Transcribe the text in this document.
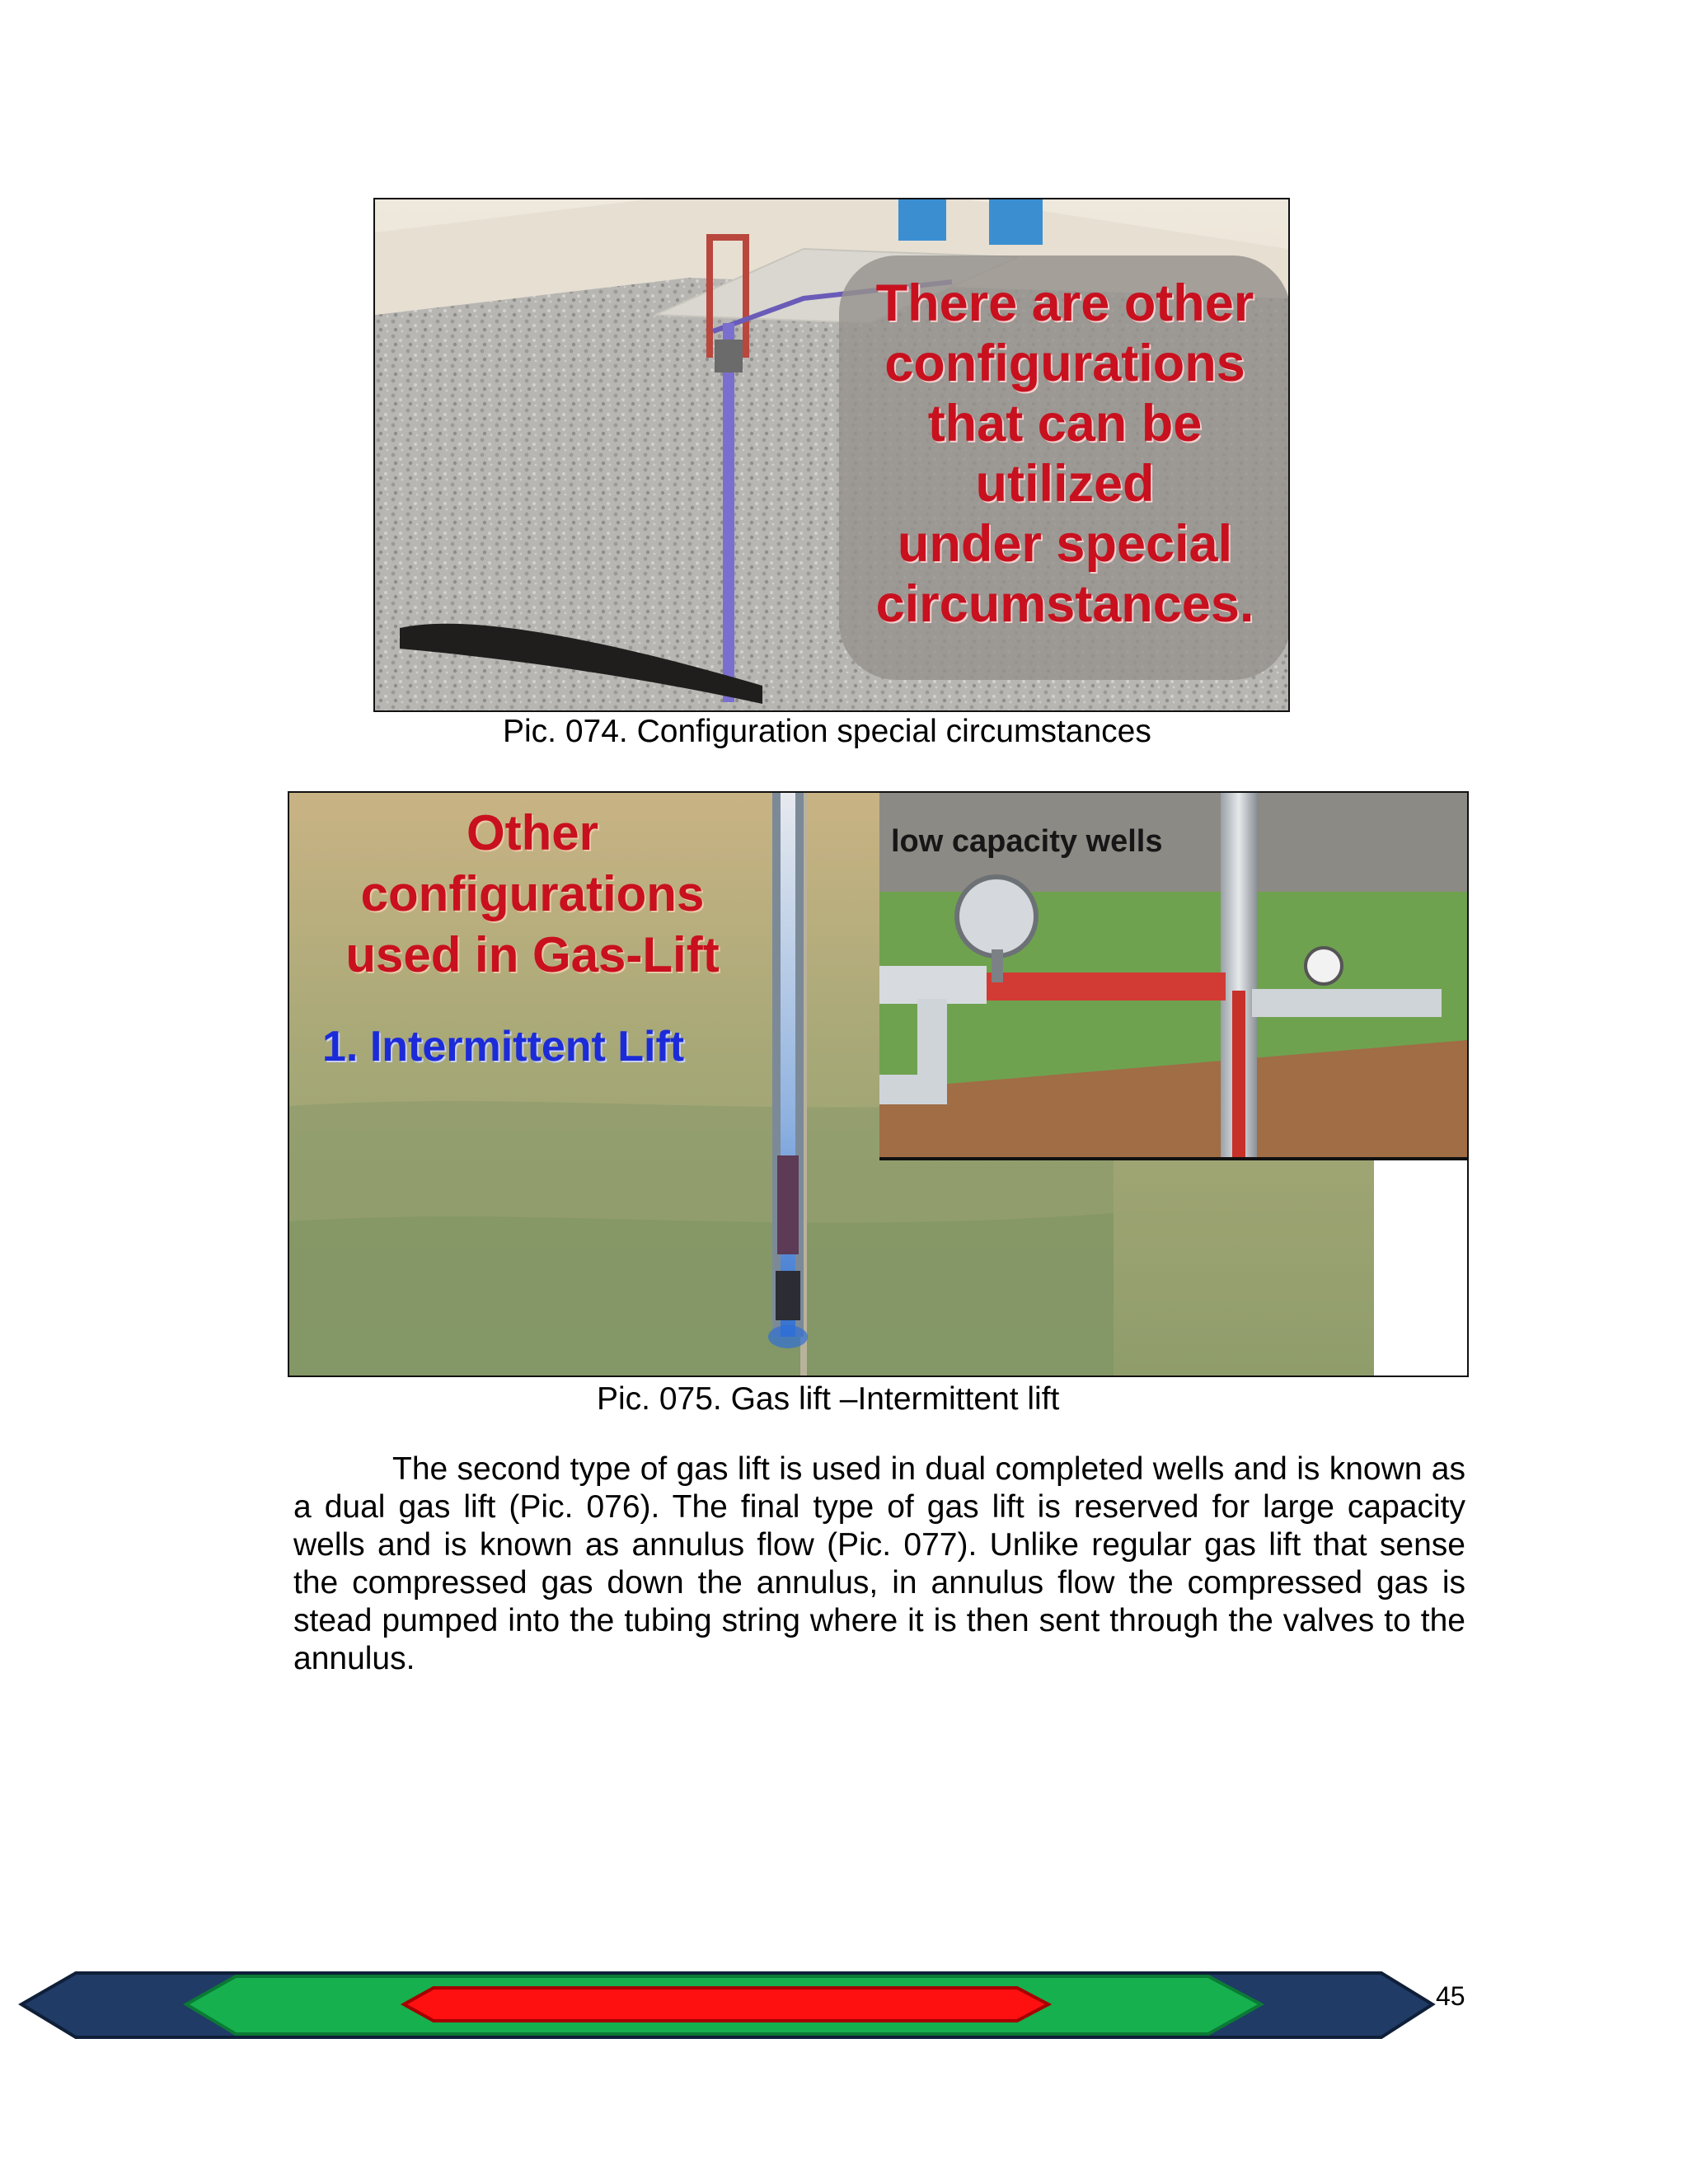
There are other
configurations
that can be
utilized
under special
circumstances.
Pic. 074. Configuration special circumstances
Other
configurations
used in Gas-Lift
1. Intermittent Lift
low capacity wells
Pic. 075. Gas lift –Intermittent lift

The second type of gas lift is used in dual completed wells and is known as a dual gas lift (Pic. 076). The final type of gas lift is reserved for large capacity wells and is known as annulus flow (Pic. 077). Unlike regular gas lift that sense the compressed gas down the annulus, in annulus flow the compressed gas is stead pumped into the tubing string where it is then sent through the valves to the annulus.

45
